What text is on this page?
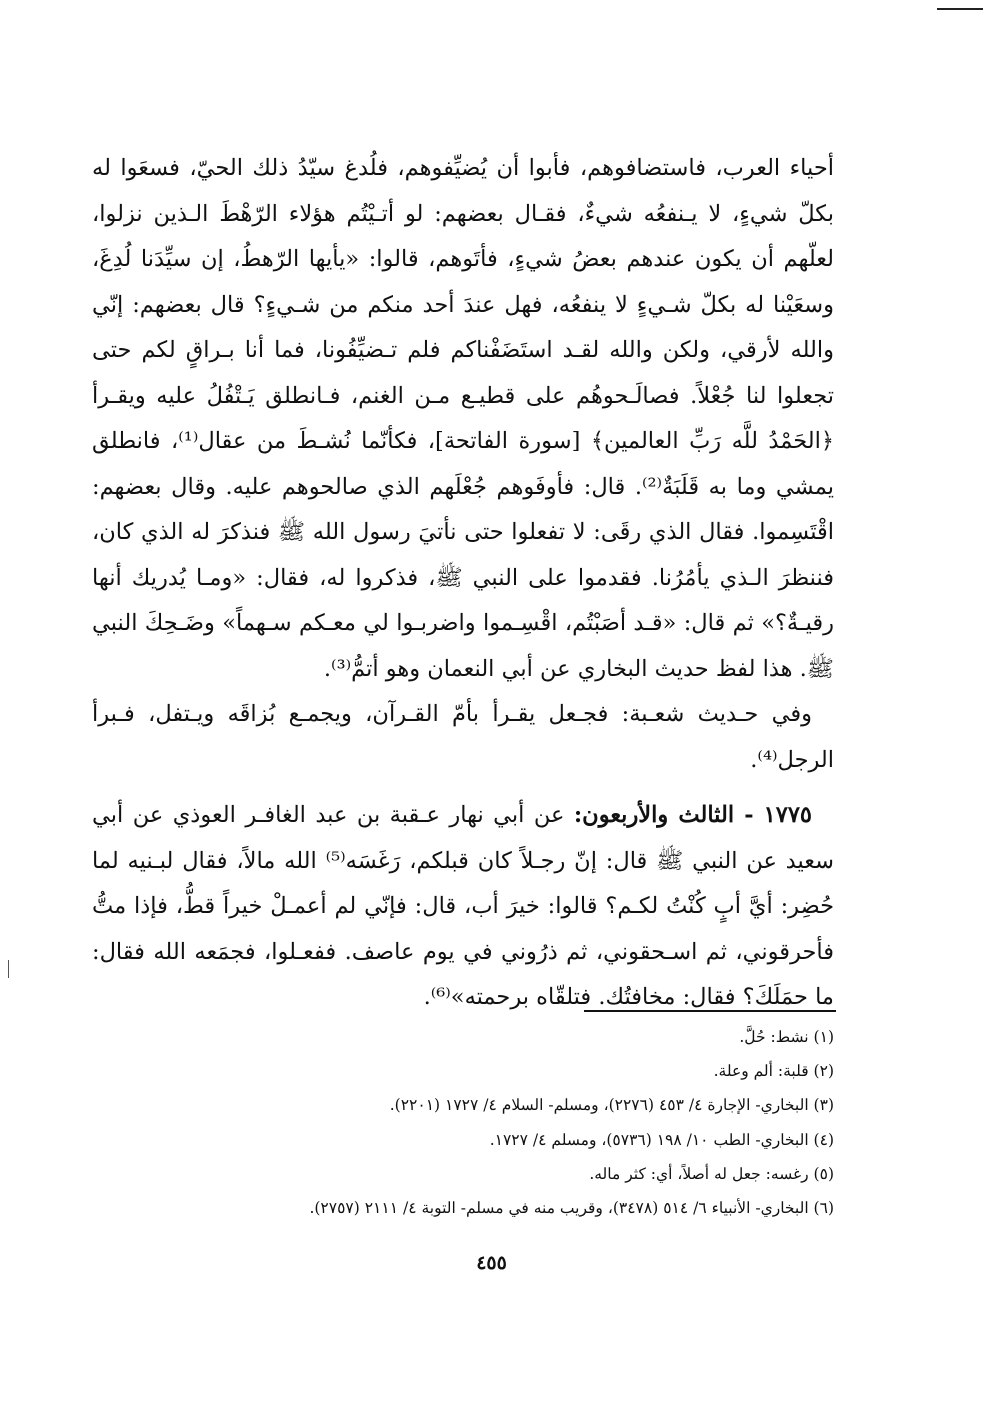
أحياء العرب، فاستضافوهم، فأبوا أن يُضيِّفوهم، فلُدغ سيّدُ ذلك الحيّ، فسعَوا له بكلّ شيءٍ، لا يـنفعُه شيءٌ، فقـال بعضهم: لو أتـيْتُم هؤلاء الرّهْطَ الـذين نزلوا، لعلّهم أن يكون عندهم بعضُ شيءٍ، فأتَوهم، قالوا: «يأيها الرّهطُ، إن سيِّدَنا لُدِغَ، وسعَيْنا له بكلّ شـيءٍ لا ينفعُه، فهل عندَ أحد منكم من شـيءٍ؟ قال بعضهم: إنّي والله لأرقي، ولكن والله لقـد استَضَفْناكم فلم تـضيِّفُونا، فما أنا بـراقٍ لكم حتى تجعلوا لنا جُعْلاً. فصالَـحوهُم على قطيـع مـن الغنم، فـانطلق يَـتْفُلُ عليه ويقـرأ ﴿الحَمْدُ للَّه رَبِّ العالمين﴾ [سورة الفاتحة]، فكأنّما نُشـطَ من عقال⁽¹⁾، فانطلق يمشي وما به قَلَبَةٌ⁽²⁾. قال: فأوفَوهم جُعْلَهم الذي صالحوهم عليه. وقال بعضهم: اقْتَسِموا. فقال الذي رقَى: لا تفعلوا حتى نأتيَ رسول الله ﷺ فنذكرَ له الذي كان، فننظرَ الـذي يأمُرُنا. فقدموا على النبي ﷺ، فذكروا له، فقال: «ومـا يُدريك أنها رقيـةٌ؟» ثم قال: «قـد أصَبْتُم، اقْسِـموا واضربـوا لي معـكم سـهماً» وضَـحِكَ النبي ﷺ. هذا لفظ حديث البخاري عن أبي النعمان وهو أتمُّ⁽³⁾.

وفي حـديث شعـبة: فجـعل يقـرأ بأمّ القـرآن، ويجمـع بُزاقَه ويـتفل، فـبرأ الرجل⁽⁴⁾.

١٧٧٥ - الثالث والأربعون: عن أبي نهار عـقبة بن عبد الغافـر العوذي عن أبي سعيد عن النبي ﷺ قال: إنّ رجـلاً كان قبلكم، رَغَسَه⁽⁵⁾ الله مالاً، فقال لبـنيه لما حُضِر: أيَّ أبٍ كُنْتُ لكـم؟ قالوا: خيرَ أب، قال: فإنّي لم أعمـلْ خيراً قطُّ، فإذا متُّ فأحرقوني، ثم اسـحقوني، ثم ذرُوني في يوم عاصف. ففعـلوا، فجمَعه الله فقال: ما حمَلَكَ؟ فقال: مخافتُك. فتلقّاه برحمته»⁽⁶⁾.

(١) نشط: حُلَّ.

(٢) قلبة: ألم وعلة.

(٣) البخاري- الإجارة ٤/ ٤٥٣ (٢٢٧٦)، ومسلم- السلام ٤/ ١٧٢٧ (٢٢٠١).

(٤) البخاري- الطب ١٠/ ١٩٨ (٥٧٣٦)، ومسلم ٤/ ١٧٢٧.

(٥) رغسه: جعل له أصلاً، أي: كثر ماله.

(٦) البخاري- الأنبياء ٦/ ٥١٤ (٣٤٧٨)، وقريب منه في مسلم- التوبة ٤/ ٢١١١ (٢٧٥٧).

٤٥٥
